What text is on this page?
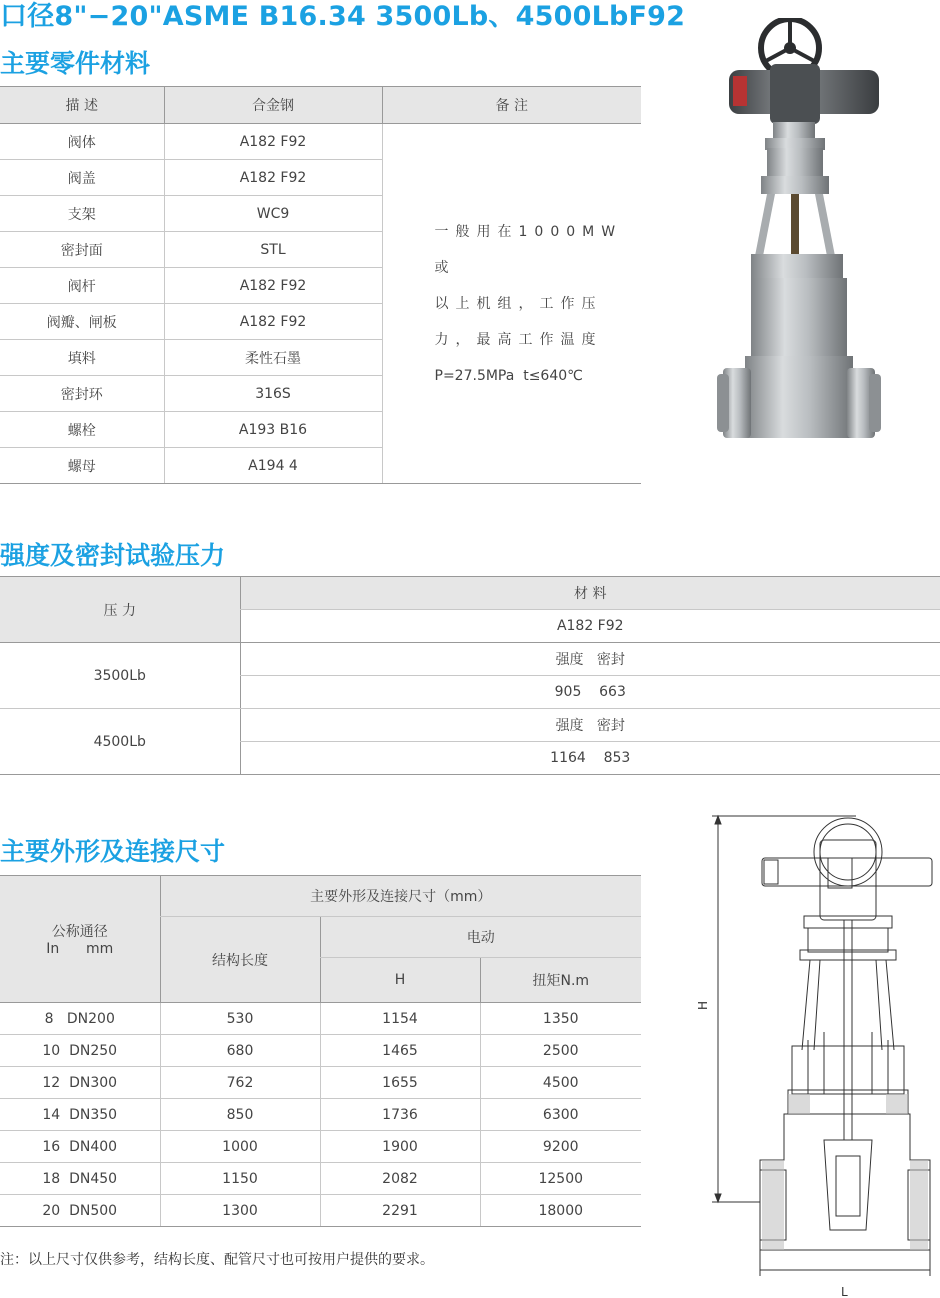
口径8"−20"ASME B16.34 3500Lb、4500LbF92
主要零件材料
描 述	合金钢	备 注
阀体	A182 F92	一般用在1000MW或
以上机组，工作压
力，最高工作温度
P=27.5MPa  t≤640℃

阀盖	A182 F92	
支架	WC9	
密封面	STL	
阀杆	A182 F92	
阀瓣、闸板	A182 F92	
填料	柔性石墨	
密封环	316S	
螺栓	A193 B16	
螺母	A194 4	
强度及密封试验压力
压 力	材 料
	A182 F92
3500Lb	强度   密封
	905    663
4500Lb	强度   密封
	1164    853
主要外形及连接尺寸
公称通径
In      mm	主要外形及连接尺寸（mm）		
	结构长度	电动	
		H	扭矩N.m
8   DN200	530	1154	1350
10  DN250	680	1465	2500
12  DN300	762	1655	4500
14  DN350	850	1736	6300
16  DN400	1000	1900	9200
18  DN450	1150	2082	12500
20  DN500	1300	2291	18000
注：以上尺寸仅供参考，结构长度、配管尺寸也可按用户提供的要求。
H
L
